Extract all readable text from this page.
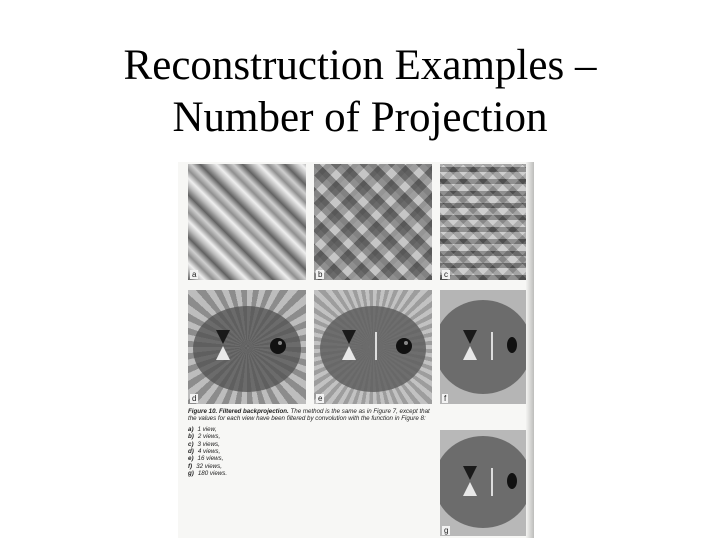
Reconstruction Examples –
Number of Projection
a	b	c
d	e	f
Figure 10. Filtered backprojection. The method is the same as in Figure 7, except that the values for each view have been filtered by convolution with the function in Figure 8:
a) 1 view,
b) 2 views,
c) 3 views,
d) 4 views,
e) 16 views,
f) 32 views,
g) 180 views.
g
